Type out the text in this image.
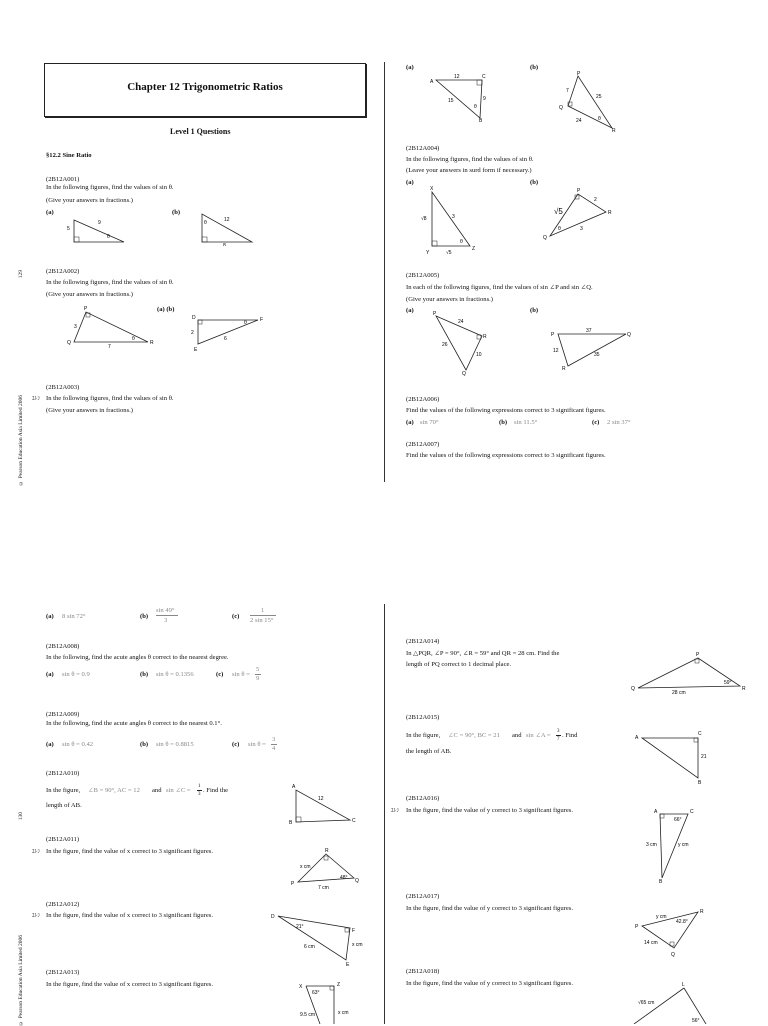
129
© Pearson Education Asia Limited 2006
130
© Pearson Education Asia Limited 2006
Chapter 12 Trigonometric Ratios
Level 1 Questions
§12.2 Sine Ratio
(2B12A001)
In the following figures, find the values of sin θ.
(Give your answers in fractions.)
(a)	(b)
5
9
θ
12
8
θ
(2B12A002)
In the following figures, find the values of sin θ.
(Give your answers in fractions.)
(a) (b)
P
Q	R
3
7
θ
D
E
F
2
6
θ
(2B12A003)
ﾕﾚﾝ In the following figures, find the values of sin θ.
(Give your answers in fractions.)
(a)	(b)
A
C
B
12
9
15
θ
P
Q
R
7
25
24	θ
(2B12A004)
In the following figures, find the values of sin θ.
(Leave your answers in surd form if necessary.)
(a)	(b)
X
Y
Z
√8	3
√5
θ
P
Q
R
√5
2
3
θ
(2B12A005)
In each of the following figures, find the values of sin ∠P and sin ∠Q.
(Give your answers in fractions.)
(a)	(b)
P
R
Q
24
26
10
P	Q
R
37
12
35
(2B12A006)
Find the values of the following expressions correct to 3 significant figures.
(a) sin 70°	(b) sin 11.5°	(c) 2 sin 37°
(2B12A007)
Find the values of the following expressions correct to 3 significant figures.
(a) 8 sin 72°	(b)
sin 49°
3
(c)
1
2 sin 15°
(2B12A008)
In the following, find the acute angles θ correct to the nearest degree.
(a) sin θ = 0.9	(b) sin θ = 0.1356	(c) sin θ =
5
9
(2B12A009)
In the following, find the acute angles θ correct to the nearest 0.1°.
(a) sin θ = 0.42	(b) sin θ = 0.8815	(c) sin θ =
3
4
(2B12A010)
In the figure, ∠B = 90°, AC = 12 and sin ∠C =
1
3
. Find the
length of AB.
A
B	C
12
(2B12A011)
ﾕﾚﾝ In the figure, find the value of x correct to 3 significant figures.	R
P	Q
x cm
7 cm
48°
(2B12A012)
ﾕﾚﾝ In the figure, find the value of x correct to 3 significant figures.	D
F
E
6 cm	x cm
21°
(2B12A013)
In the figure, find the value of x correct to 3 significant figures.	X	Z
63°
9.5 cm	x cm
(2B12A014)
In △PQR, ∠P = 90°, ∠R = 59° and QR = 28 cm. Find the
length of PQ correct to 1 decimal place.
P
Q	R
28 cm
59°
(2B12A015)
In the figure, ∠C = 90°, BC = 21 and sin ∠A =
3
7
. Find
the length of AB.
A
C
B
21
(2B12A016)
ﾕﾚﾝ In the figure, find the value of y correct to 3 significant figures.	A	C
B
3 cm	y cm
66°
(2B12A017)
In the figure, find the value of y correct to 3 significant figures.
P
R
Q
y cm
14 cm
42.8°
(2B12A018)
In the figure, find the value of y correct to 3 significant figures.	L
√65 cm
56°
